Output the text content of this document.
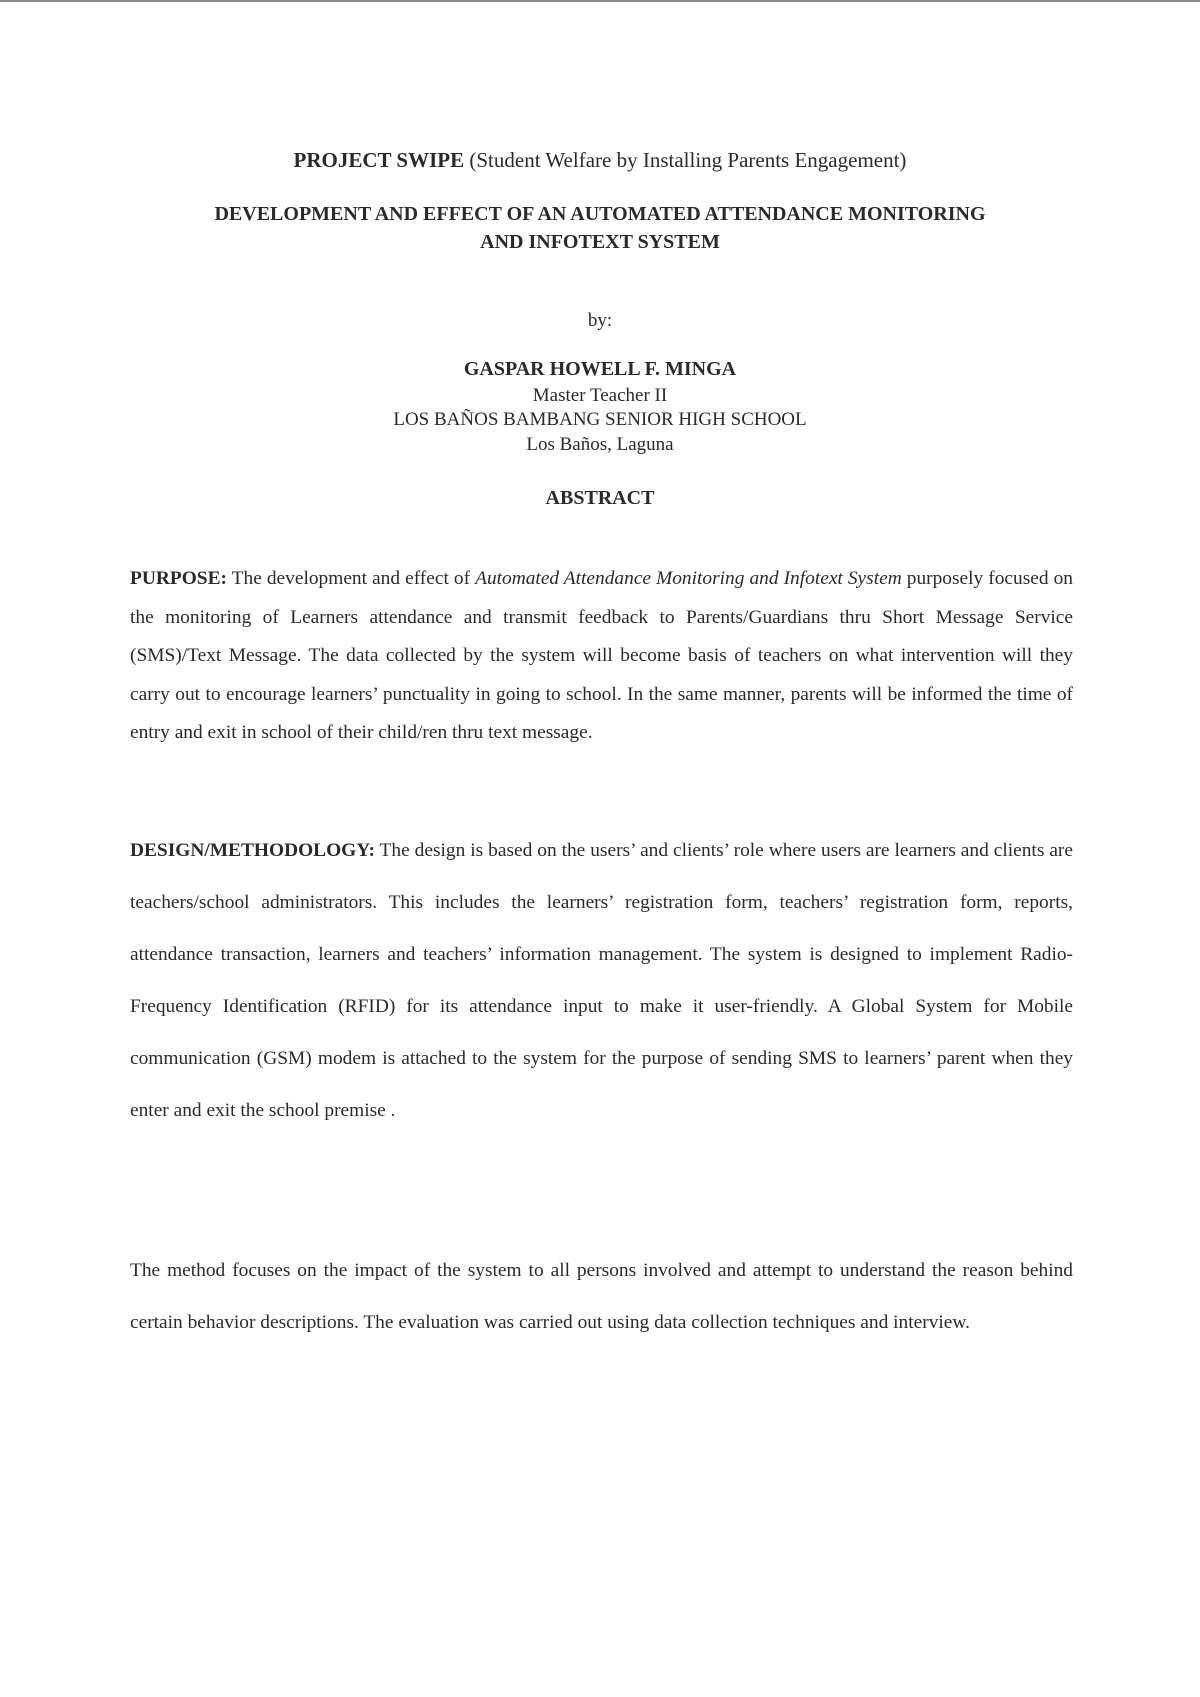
PROJECT SWIPE (Student Welfare by Installing Parents Engagement)
DEVELOPMENT AND EFFECT OF AN AUTOMATED ATTENDANCE MONITORING
AND INFOTEXT SYSTEM
by:
GASPAR HOWELL F. MINGA
Master Teacher II
LOS BAÑOS BAMBANG SENIOR HIGH SCHOOL
Los Baños, Laguna
ABSTRACT

PURPOSE: The development and effect of Automated Attendance Monitoring and Infotext System purposely focused on the monitoring of Learners attendance and transmit feedback to Parents/Guardians thru Short Message Service (SMS)/Text Message. The data collected by the system will become basis of teachers on what intervention will they carry out to encourage learners’ punctuality in going to school. In the same manner, parents will be informed the time of entry and exit in school of their child/ren thru text message.

DESIGN/METHODOLOGY: The design is based on the users’ and clients’ role where users are learners and clients are teachers/school administrators. This includes the learners’ registration form, teachers’ registration form, reports, attendance transaction, learners and teachers’ information management. The system is designed to implement Radio-Frequency Identification (RFID) for its attendance input to make it user-friendly. A Global System for Mobile communication (GSM) modem is attached to the system for the purpose of sending SMS to learners’ parent when they enter and exit the school premise .

The method focuses on the impact of the system to all persons involved and attempt to understand the reason behind certain behavior descriptions. The evaluation was carried out using data collection techniques and interview.
